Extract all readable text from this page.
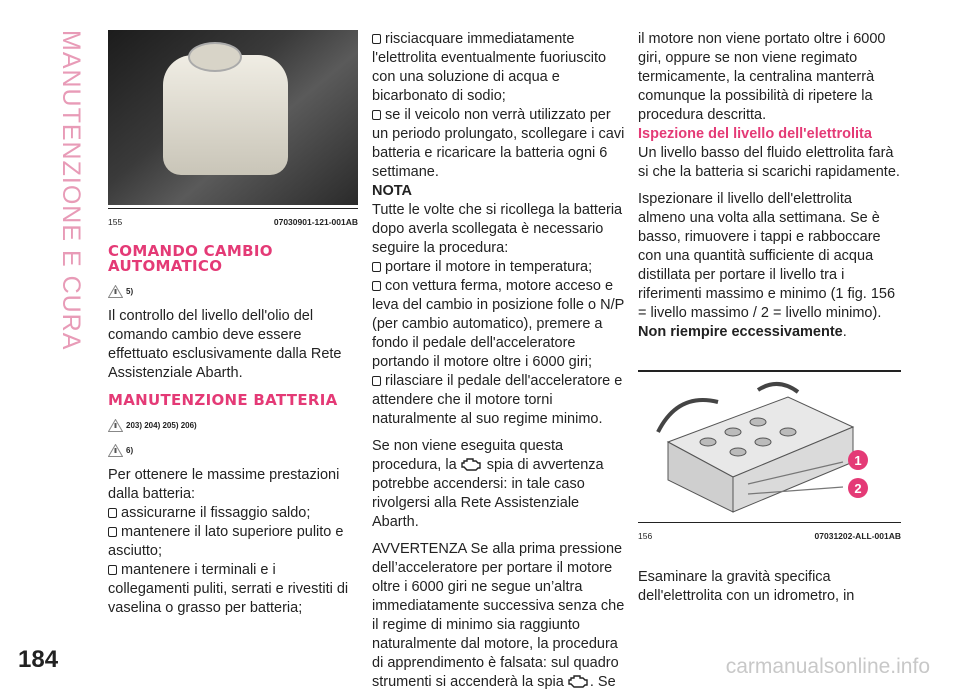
MANUTENZIONE E CURA	155	07030901-121-001AB
COMANDO CAMBIO AUTOMATICO
5)

Il controllo del livello dell'olio del comando cambio deve essere effettuato esclusivamente dalla Rete Assistenziale Abarth.

MANUTENZIONE BATTERIA
203) 204) 205) 206)
6)

Per ottenere le massime prestazioni dalla batteria:

assicurarne il fissaggio saldo;

mantenere il lato superiore pulito e asciutto;

mantenere i terminali e i collegamenti puliti, serrati e rivestiti di vaselina o grasso per batteria;

risciacquare immediatamente l'elettrolita eventualmente fuoriuscito con una soluzione di acqua e bicarbonato di sodio;

se il veicolo non verrà utilizzato per un periodo prolungato, scollegare i cavi batteria e ricaricare la batteria ogni 6 settimane.

NOTA

Tutte le volte che si ricollega la batteria dopo averla scollegata è necessario seguire la procedura:

portare il motore in temperatura;

con vettura ferma, motore acceso e leva del cambio in posizione folle o N/P (per cambio automatico), premere a fondo il pedale dell'acceleratore portando il motore oltre i 6000 giri;

rilasciare il pedale dell'acceleratore e attendere che il motore torni naturalmente al suo regime minimo.

Se non viene eseguita questa procedura, la spia di avvertenza potrebbe accendersi: in tale caso rivolgersi alla Rete Assistenziale Abarth.

AVVERTENZA Se alla prima pressione dell’acceleratore per portare il motore oltre i 6000 giri ne segue un’altra immediatamente successiva senza che il regime di minimo sia raggiunto naturalmente dal motore, la procedura di apprendimento è falsata: sul quadro strumenti si accenderà la spia . Se

il motore non viene portato oltre i 6000 giri, oppure se non viene regimato termicamente, la centralina manterrà comunque la possibilità di ripetere la procedura descritta.

Ispezione del livello dell'elettrolita

Un livello basso del fluido elettrolita farà si che la batteria si scarichi rapidamente.

Ispezionare il livello dell'elettrolita almeno una volta alla settimana. Se è basso, rimuovere i tappi e rabboccare con una quantità sufficiente di acqua distillata per portare il livello tra i riferimenti massimo e minimo (1 fig. 156 = livello massimo / 2 = livello minimo). Non riempire eccessivamente.

1
2
156	07031202-ALL-001AB

Esaminare la gravità specifica dell'elettrolita con un idrometro, in

184	carmanualsonline.info
